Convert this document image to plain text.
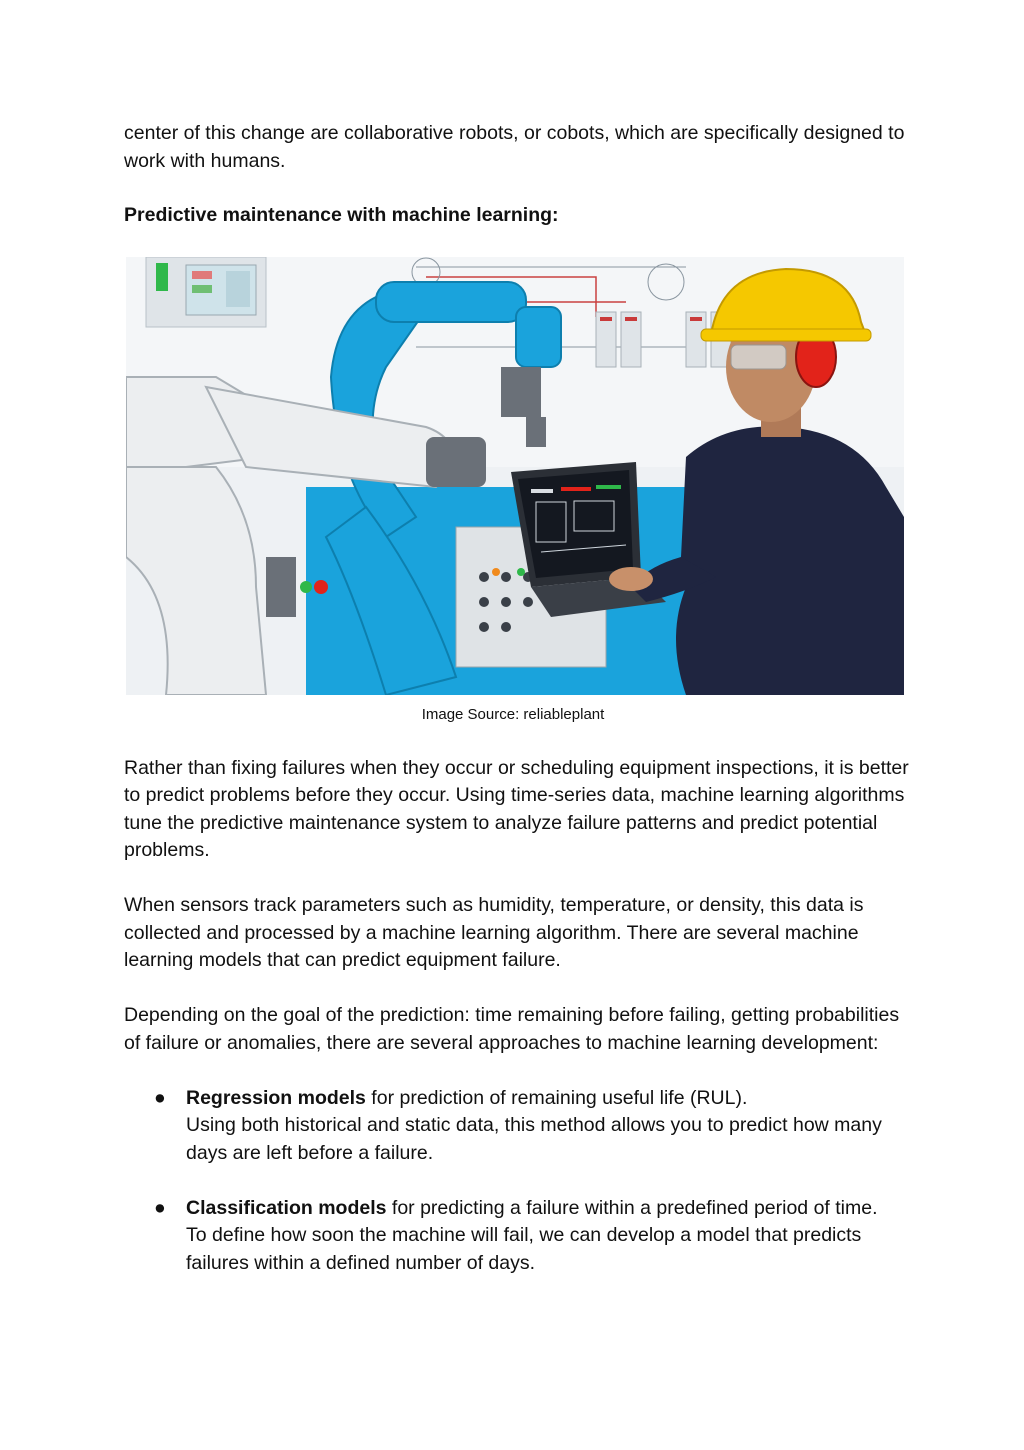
center of this change are collaborative robots, or cobots, which are specifically designed to work with humans.

Predictive maintenance with machine learning:

Image Source: reliableplant

Rather than fixing failures when they occur or scheduling equipment inspections, it is better to predict problems before they occur. Using time-series data, machine learning algorithms tune the predictive maintenance system to analyze failure patterns and predict potential problems.

When sensors track parameters such as humidity, temperature, or density, this data is collected and processed by a machine learning algorithm. There are several machine learning models that can predict equipment failure.

Depending on the goal of the prediction: time remaining before failing, getting probabilities of failure or anomalies, there are several approaches to machine learning development:

● Regression models for prediction of remaining useful life (RUL).
Using both historical and static data, this method allows you to predict how many days are left before a failure.
● Classification models for predicting a failure within a predefined period of time. To define how soon the machine will fail, we can develop a model that predicts failures within a defined number of days.
